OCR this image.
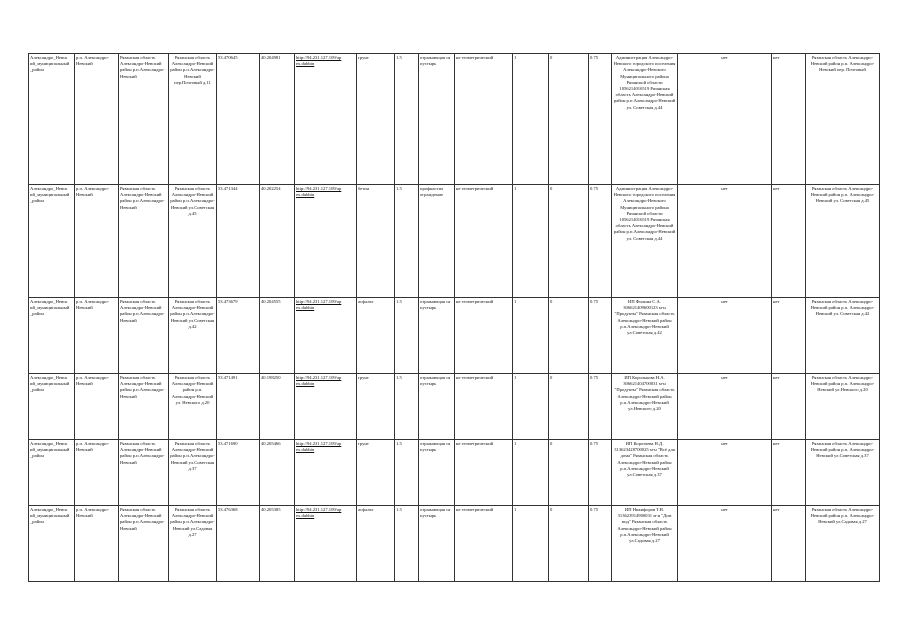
Александро_Невск ий_муниципальный _район	р.п. Александро-Невский	Рязанская область Александро-Невский район р.п.Александро-Невский	Рязанская область Александро-Невский район р.п.Александро-Невский пер.Почтовый д.11	53.470645	40.204981	http://94.231.127.109/ap ex.dubbin	грунт	1.5	отражающая ся пустырь	не геометрический	1	0	0.75	Администрация Александро-Невского городского поселения Александро-Невского Муниципального района Рязанской области 1056214016519 Рязанская область Александро-Невский район р.п.Александро-Невский ул. Советская д.44	нет	нет	Рязанская область Александро-Невский район р.п. Александро-Невский пер. Почтовый
Александро_Невск ий_муниципальный _район	р.п. Александро-Невский	Рязанская область Александро-Невский район р.п.Александро-Невский	Рязанская область Александро-Невский район р.п.Александро-Невский ул.Советская д.45	53.471344	40.202254	http://94.231.127.109/ap ex.dubbin	бетон	1.5	профнастил ограждение	не геометрический	1	0	0.75	Администрация Александро-Невского городского поселения Александро-Невского Муниципального района Рязанской области 1056214016519 Рязанская область Александро-Невский район р.п.Александро-Невский ул. Советская д.44	нет	нет	Рязанская область Александро-Невский район р.п. Александро-Невский ул. Советская д.45
Александро_Невск ий_муниципальный _район	р.п. Александро-Невский	Рязанская область Александро-Невский район р.п.Александро-Невский	Рязанская область Александро-Невский район р.п.Александро-Невский ул.Советская д.42	53.473679	40.204555	http://94.231.127.109/ap ex.dubbin	асфальт	1.5	отражающая ся пустырь	не геометрический	1	0	0.75	ИП Филина С.А. 306621409600123 м-н "Продукты" Рязанская область Александро-Невский район р.п.Александро-Невский ул.Советская д.42	нет	нет	Рязанская область Александро-Невский район р.п. Александро-Невский ул. Советская д.42
Александро_Невск ий_муниципальный _район	р.п. Александро-Невский	Рязанская область Александро-Невский район р.п.Александро-Невский	Рязанская область Александро-Невский район р.п. Александро-Невский ул. Невского д.20	53.471491	40.198250	http://94.231.127.109/ap ex.dubbin	грунт	1.5	отражающая ся пустырь	не геометрический	1	0	0.75	ИП Королькова Н.А. 306621404700031 м-н "Продукты" Рязанская область Александро-Невский район р.п.Александро-Невский ул.Невского д.20	нет	нет	Рязанская область Александро-Невский район р.п. Александро-Невский ул.Невского д.20
Александро_Невск ий_муниципальный _район	р.п. Александро-Невский	Рязанская область Александро-Невский район р.п.Александро-Невский	Рязанская область Александро-Невский район р.п.Александро-Невский ул.Советская д.37	53.471690	40.205466	http://94.231.127.109/ap ex.dubbin	грунт	1.5	отражающая ся пустырь	не геометрический	1	0	0.75	ИП Коротаева Н.Д. 313623428700025 м-н "Всё для дома" Рязанская область Александро-Невский район р.п.Александро-Невский ул.Советская д.37	нет	нет	Рязанская область Александро-Невский район р.п. Александро-Невский ул.Советская д.37
Александро_Невск ий_муниципальный _район	р.п. Александро-Невский	Рязанская область Александро-Невский район р.п.Александро-Невский	Рязанская область Александро-Невский район р.п.Александро-Невский ул.Садовая д.27	53.476368	40.205385	http://94.231.127.109/ap ex.dubbin	асфальт	1.5	отражающая ся пустырь	не геометрический	1	0	0.75	ИП Никифоров Т.В. 313623914900031 м-н "Дом мод" Рязанская область Александро-Невский район р.п.Александро-Невский ул.Садовая д.27	нет	нет	Рязанская область Александро-Невский район р.п. Александро-Невский ул.Садовая д.27
